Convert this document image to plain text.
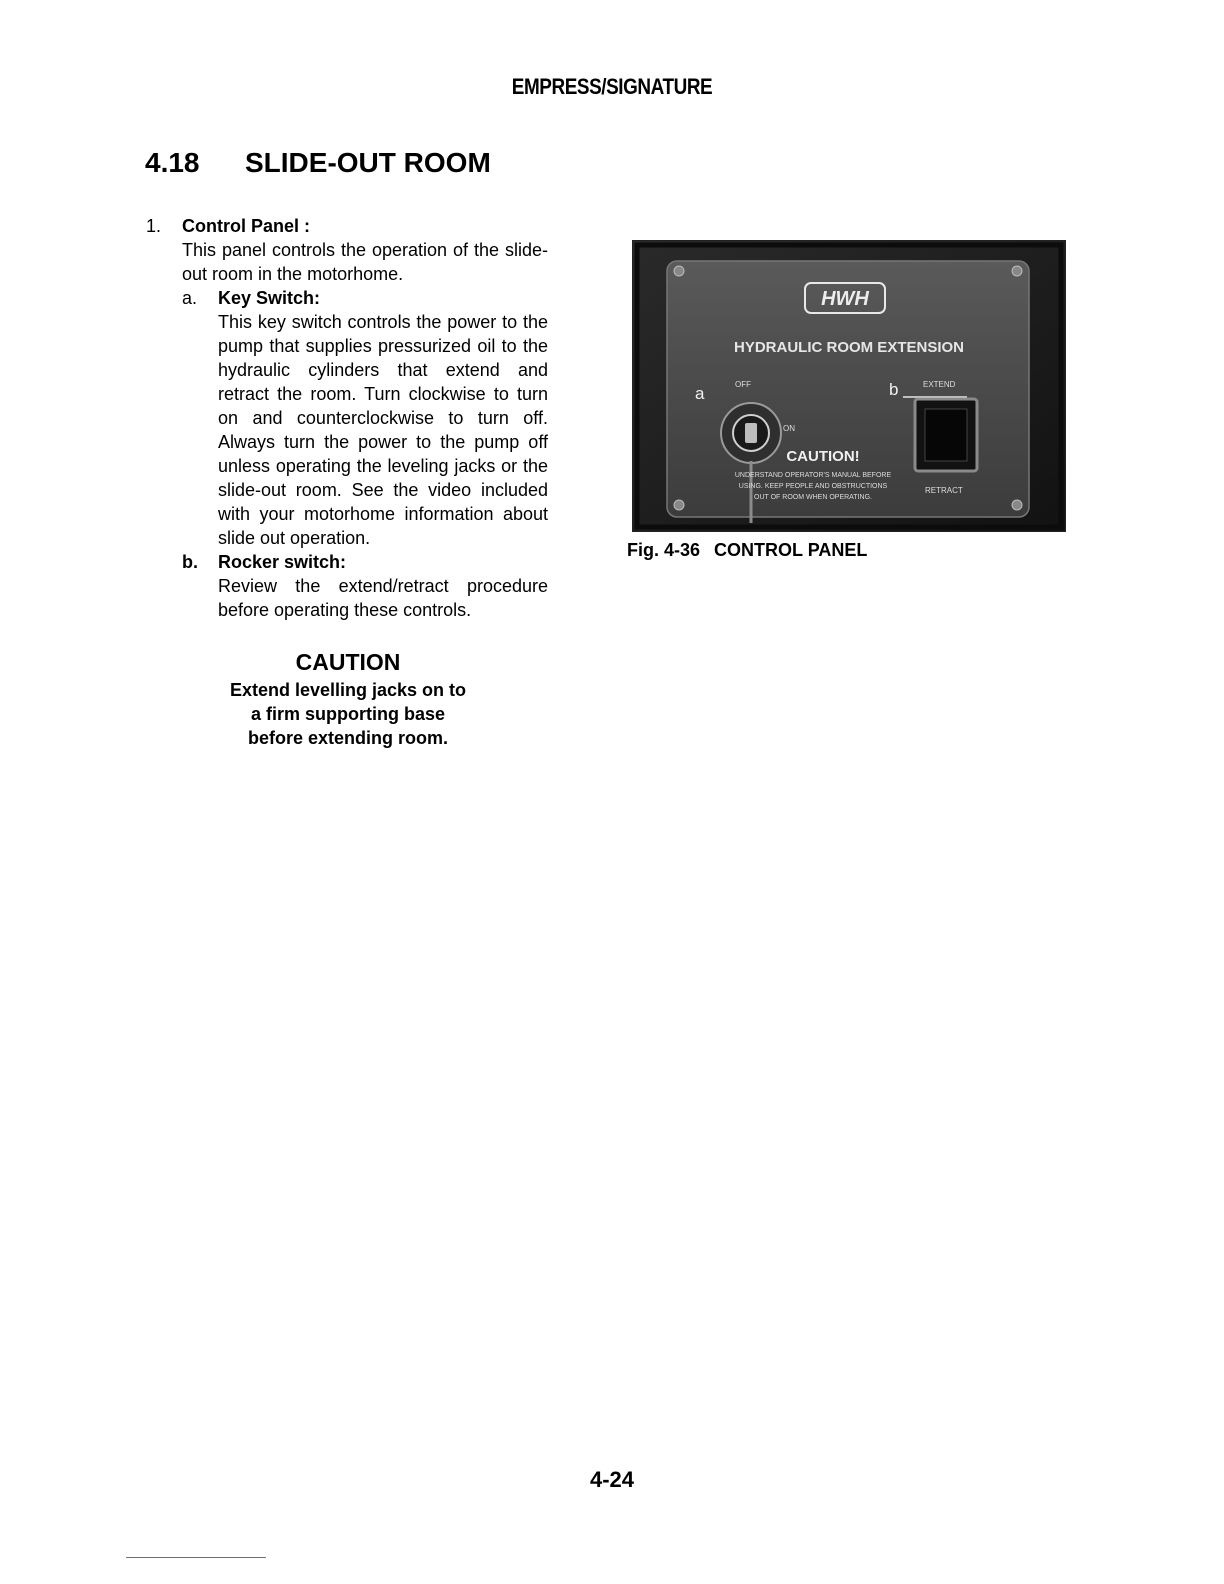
EMPRESS/SIGNATURE
4.18 SLIDE-OUT ROOM
1.	Control Panel :
This panel controls the operation of the slide-out room in the motorhome.
a.	Key Switch:
This key switch controls the power to the pump that supplies pressurized oil to the hydraulic cylinders that extend and retract the room. Turn clockwise to turn on and counterclockwise to turn off. Always turn the power to the pump off unless operating the leveling jacks or the slide-out room. See the video included with your motorhome information about slide out operation.
b.	Rocker switch:
Review the extend/retract procedure before operating these controls.
CAUTION
Extend levelling jacks on to
a firm supporting base
before extending room.
HWH
HYDRAULIC ROOM EXTENSION
a	OFF
ON
b	EXTEND
RETRACT
CAUTION!
UNDERSTAND OPERATOR'S MANUAL BEFORE
USING. KEEP PEOPLE AND OBSTRUCTIONS
OUT OF ROOM WHEN OPERATING.
Fig. 4-36 CONTROL PANEL
4-24
